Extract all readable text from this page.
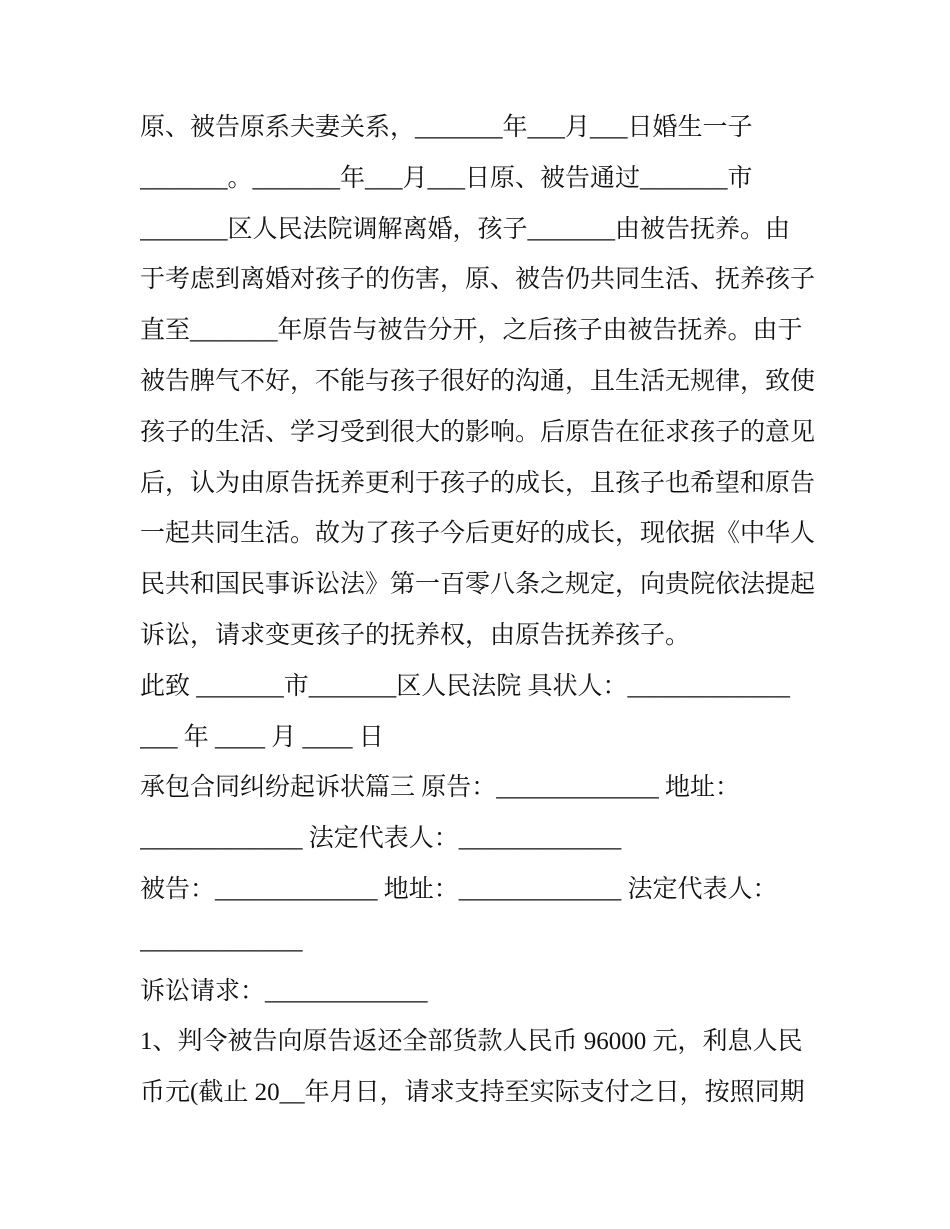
原、被告原系夫妻关系，_______年___月___日婚生一子
_______。_______年___月___日原、被告通过_______市
_______区人民法院调解离婚，孩子_______由被告抚养。由
于考虑到离婚对孩子的伤害，原、被告仍共同生活、抚养孩子
直至_______年原告与被告分开，之后孩子由被告抚养。由于
被告脾气不好，不能与孩子很好的沟通，且生活无规律，致使
孩子的生活、学习受到很大的影响。后原告在征求孩子的意见
后，认为由原告抚养更利于孩子的成长，且孩子也希望和原告
一起共同生活。故为了孩子今后更好的成长，现依据《中华人
民共和国民事诉讼法》第一百零八条之规定，向贵院依法提起
诉讼，请求变更孩子的抚养权，由原告抚养孩子。
此致 _______市_______区人民法院 具状人：_____________
___ 年 ____ 月 ____ 日
承包合同纠纷起诉状篇三 原告：_____________ 地址：
_____________ 法定代表人：_____________
被告：_____________ 地址：_____________ 法定代表人：
_____________
诉讼请求：_____________
1、判令被告向原告返还全部货款人民币 96000 元，利息人民
币元(截止 20__年月日，请求支持至实际支付之日，按照同期
